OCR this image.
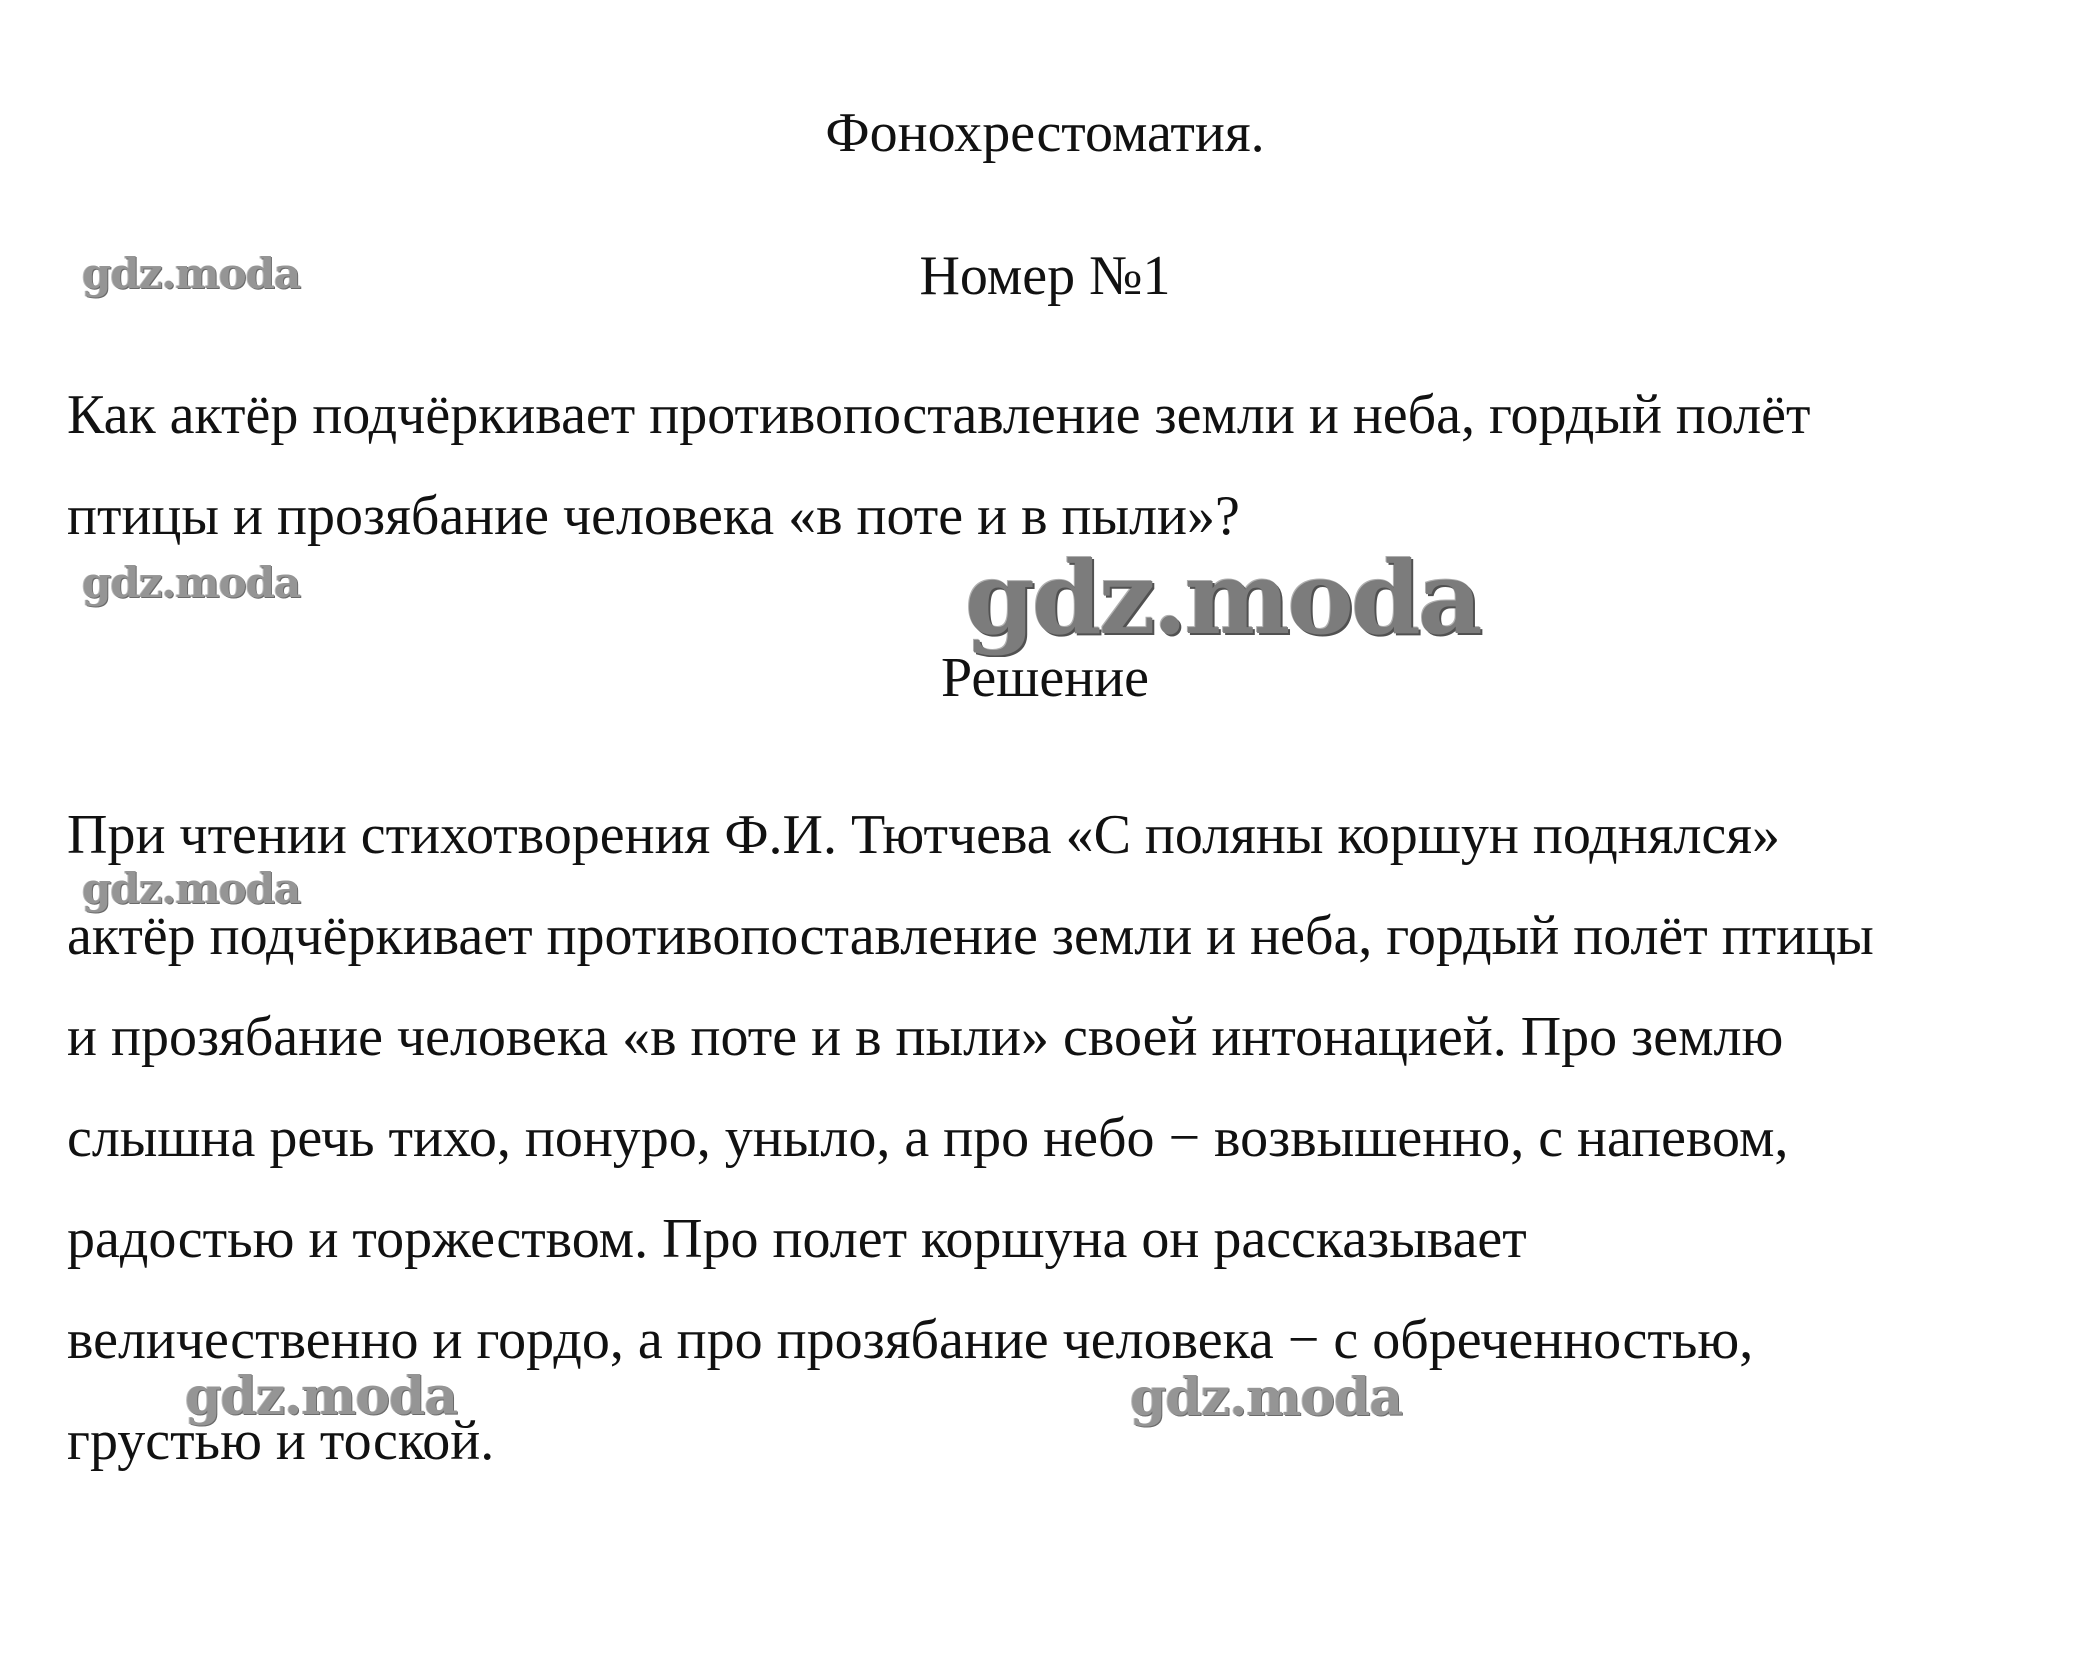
Фонохрестоматия.
Номер №1
Как актёр подчёркивает противопоставление земли и неба, гордый полёт
птицы и прозябание человека «в поте и в пыли»?
Решение
При чтении стихотворения Ф.И. Тютчева «С поляны коршун поднялся»
актёр подчёркивает противопоставление земли и неба, гордый полёт птицы
и прозябание человека «в поте и в пыли» своей интонацией. Про землю
слышна речь тихо, понуро, уныло, а про небо − возвышенно, с напевом,
радостью и торжеством. Про полет коршуна он рассказывает
величественно и гордо, а про прозябание человека − с обреченностью,
грустью и тоской.
gdz.moda
gdz.moda	gdz.moda
gdz.moda
gdz.moda	gdz.moda
